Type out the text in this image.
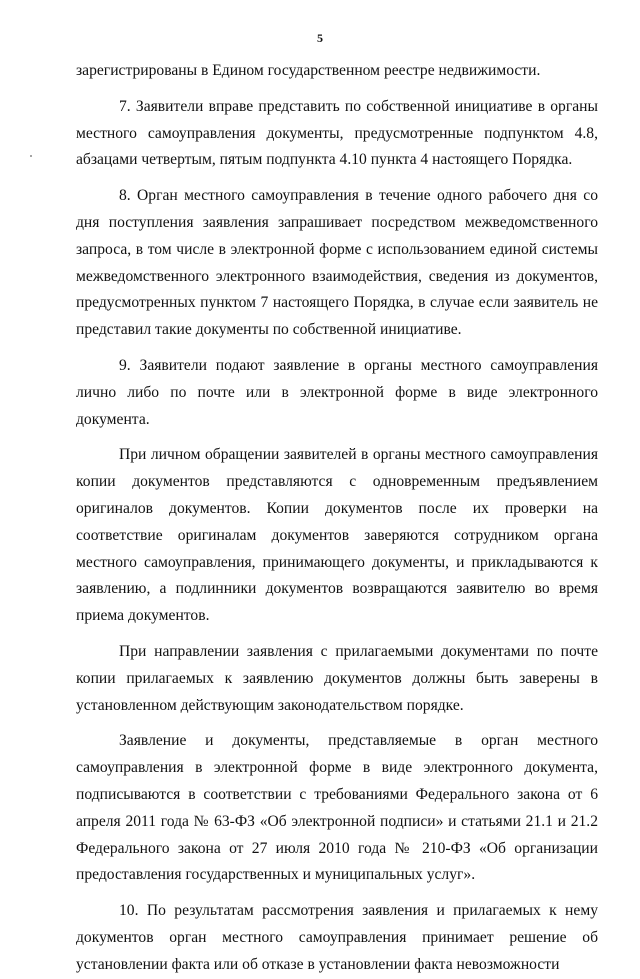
5

зарегистрированы в Едином государственном реестре недвижимости.

7. Заявители вправе представить по собственной инициативе в органы местного самоуправления документы, предусмотренные подпунктом 4.8, абзацами четвертым, пятым подпункта 4.10 пункта 4 настоящего Порядка.

8. Орган местного самоуправления в течение одного рабочего дня со дня поступления заявления запрашивает посредством межведомственного запроса, в том числе в электронной форме с использованием единой системы межведомственного электронного взаимодействия, сведения из документов, предусмотренных пунктом 7 настоящего Порядка, в случае если заявитель не представил такие документы по собственной инициативе.

9. Заявители подают заявление в органы местного самоуправления лично либо по почте или в электронной форме в виде электронного документа.

При личном обращении заявителей в органы местного самоуправления копии документов представляются с одновременным предъявлением оригиналов документов. Копии документов после их проверки на соответствие оригиналам документов заверяются сотрудником органа местного самоуправления, принимающего документы, и прикладываются к заявлению, а подлинники документов возвращаются заявителю во время приема документов.

При направлении заявления с прилагаемыми документами по почте копии прилагаемых к заявлению документов должны быть заверены в установленном действующим законодательством порядке.

Заявление и документы, представляемые в орган местного самоуправления в электронной форме в виде электронного документа, подписываются в соответствии с требованиями Федерального закона от 6 апреля 2011 года № 63-ФЗ «Об электронной подписи» и статьями 21.1 и 21.2 Федерального закона от 27 июля 2010 года № 210-ФЗ «Об организации предоставления государственных и муниципальных услуг».

10. По результатам рассмотрения заявления и прилагаемых к нему документов орган местного самоуправления принимает решение об установлении факта или об отказе в установлении факта невозможности
